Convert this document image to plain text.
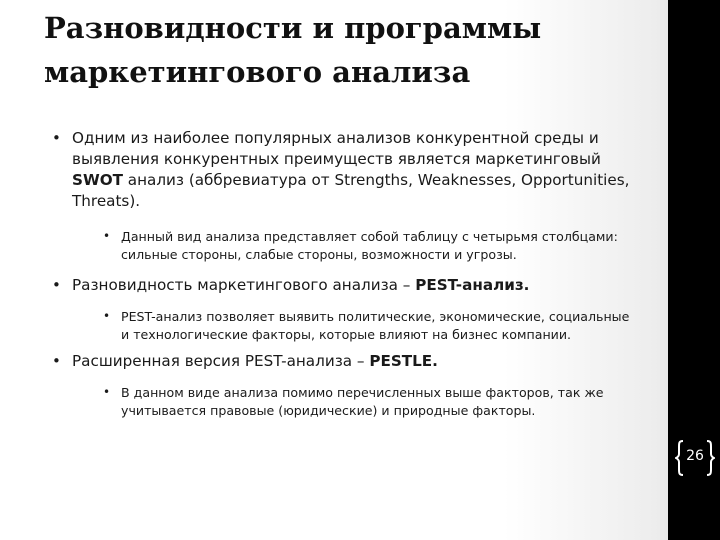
Разновидности и программы
маркетингового анализа

• Одним из наиболее популярных анализов конкурентной среды и выявления конкурентных преимуществ является маркетинговый SWOT анализ (аббревиатура от Strengths, Weaknesses, Opportunities, Threats).

• Данный вид анализа представляет собой таблицу с четырьмя столбцами: сильные стороны, слабые стороны, возможности и угрозы.

• Разновидность маркетингового анализа – PEST-анализ.

• PEST-анализ позволяет выявить политические, экономические, социальные и технологические факторы, которые влияют на бизнес компании.

• Расширенная версия PEST-анализа – PESTLE.

• В данном виде анализа помимо перечисленных выше факторов, так же учитывается правовые (юридические) и природные факторы.

26
